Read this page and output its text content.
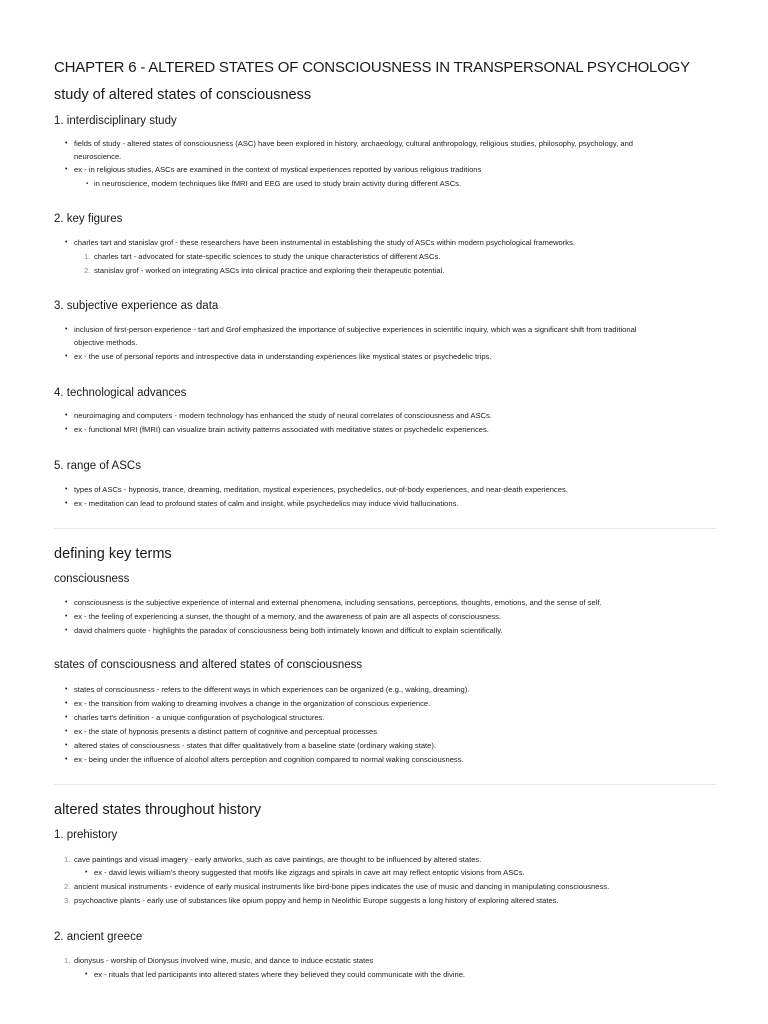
CHAPTER 6 - ALTERED STATES OF CONSCIOUSNESS IN TRANSPERSONAL PSYCHOLOGY
study of altered states of consciousness
1. interdisciplinary study
• fields of study - altered states of consciousness (ASC) have been explored in history, archaeology, cultural anthropology, religious studies, philosophy, psychology, and
neuroscience.
• ex - in religious studies, ASCs are examined in the context of mystical experiences reported by various religious traditions
▪ in neuroscience, modern techniques like fMRI and EEG are used to study brain activity during different ASCs.
2. key figures
• charles tart and stanislav grof - these researchers have been instrumental in establishing the study of ASCs within modern psychological frameworks.
1. charles tart - advocated for state-specific sciences to study the unique characteristics of different ASCs.
2. stanislav grof - worked on integrating ASCs into clinical practice and exploring their therapeutic potential.
3. subjective experience as data
• inclusion of first-person experience - tart and Grof emphasized the importance of subjective experiences in scientific inquiry, which was a significant shift from traditional
objective methods.
• ex - the use of personal reports and introspective data in understanding experiences like mystical states or psychedelic trips.
4. technological advances
• neuroimaging and computers - modern technology has enhanced the study of neural correlates of consciousness and ASCs.
• ex - functional MRI (fMRI) can visualize brain activity patterns associated with meditative states or psychedelic experiences.
5. range of ASCs
• types of ASCs - hypnosis, trance, dreaming, meditation, mystical experiences, psychedelics, out-of-body experiences, and near-death experiences.
• ex - meditation can lead to profound states of calm and insight, while psychedelics may induce vivid hallucinations.
defining key terms
consciousness
• consciousness is the subjective experience of internal and external phenomena, including sensations, perceptions, thoughts, emotions, and the sense of self.
• ex - the feeling of experiencing a sunset, the thought of a memory, and the awareness of pain are all aspects of consciousness.
• david chalmers quote - highlights the paradox of consciousness being both intimately known and difficult to explain scientifically.
states of consciousness and altered states of consciousness
• states of consciousness - refers to the different ways in which experiences can be organized (e.g., waking, dreaming).
• ex - the transition from waking to dreaming involves a change in the organization of conscious experience.
• charles tart's definition - a unique configuration of psychological structures.
• ex - the state of hypnosis presents a distinct pattern of cognitive and perceptual processes
• altered states of consciousness - states that differ qualitatively from a baseline state (ordinary waking state).
• ex - being under the influence of alcohol alters perception and cognition compared to normal waking consciousness.
altered states throughout history
1. prehistory
1. cave paintings and visual imagery - early artworks, such as cave paintings, are thought to be influenced by altered states.
• ex - david lewis william's theory suggested that motifs like zigzags and spirals in cave art may reflect entoptic visions from ASCs.
2. ancient musical instruments - evidence of early musical instruments like bird-bone pipes indicates the use of music and dancing in manipulating consciousness.
3. psychoactive plants - early use of substances like opium poppy and hemp in Neolithic Europe suggests a long history of exploring altered states.
2. ancient greece
1. dionysus - worship of Dionysus involved wine, music, and dance to induce ecstatic states
• ex - rituals that led participants into altered states where they believed they could communicate with the divine.
